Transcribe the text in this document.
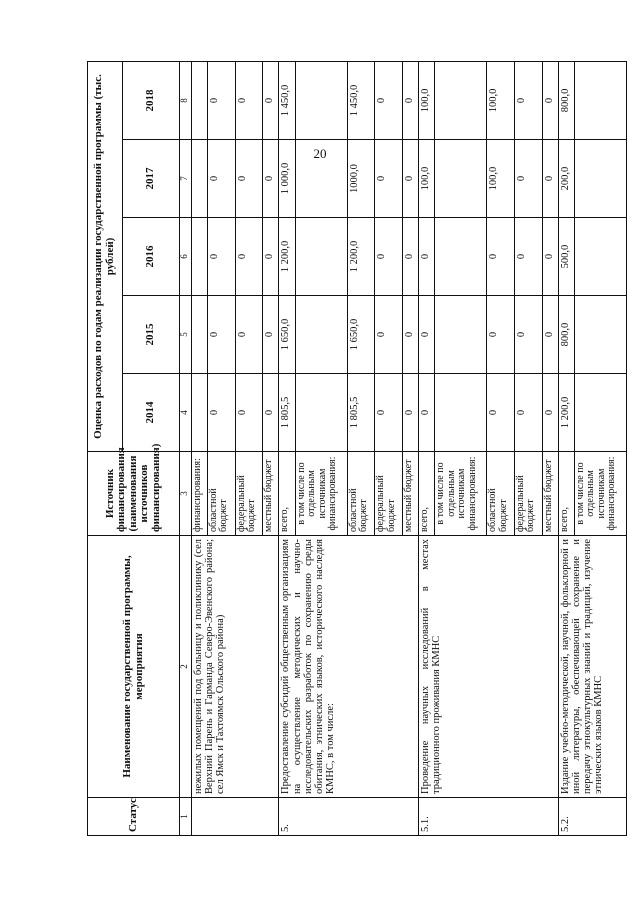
20
Статус	Наименование государственной программы, мероприятия	Источник финансирования (наименования источников финансирования)	Оценка расходов по годам реализации государственной программы (тыс. рублей)				
			2014	2015	2016	2017	2018
1	2	3	4	5	6	7	8
	нежилых помещений под больницу и поликлинику (сел Верхний Парень и Гарманда Северо-Эвенского района; сел Ямск и Тахтоямск Ольского района)	финансирования:					
		областной бюджет	0	0	0	0	0
		федеральный бюджет	0	0	0	0	0
		местный бюджет	0	0	0	0	0
5.	Предоставление субсидий общественным организациям на осуществление методических и научно-исследовательских разработок по сохранению среды обитания, этнических языков, исторического наследия КМНС, в том числе:	всего,	1 805,5	1 650,0	1 200,0	1 000,0	1 450,0
		в том числе по отдельным источникам финансирования:					
		областной бюджет	1 805,5	1 650,0	1 200,0	1000,0	1 450,0
		федеральный бюджет	0	0	0	0	0
		местный бюджет	0	0	0	0	0
5.1.	Проведение научных исследований в местах традиционного проживания КМНС	всего,	0	0	0	100,0	100,0
		в том числе по отдельным источникам финансирования:					
		областной бюджет	0	0	0	100,0	100,0
		федеральный бюджет	0	0	0	0	0
		местный бюджет	0	0	0	0	0
5.2.	Издание учебно-методической, научной, фольклорной и иной литературы, обеспечивающей сохранение и передачу этнокультурных знаний и традиций, изучение этнических языков КМНС	всего,	1 200,0	800,0	500,0	200,0	800,0
		в том числе по отдельным источникам финансирования:					
